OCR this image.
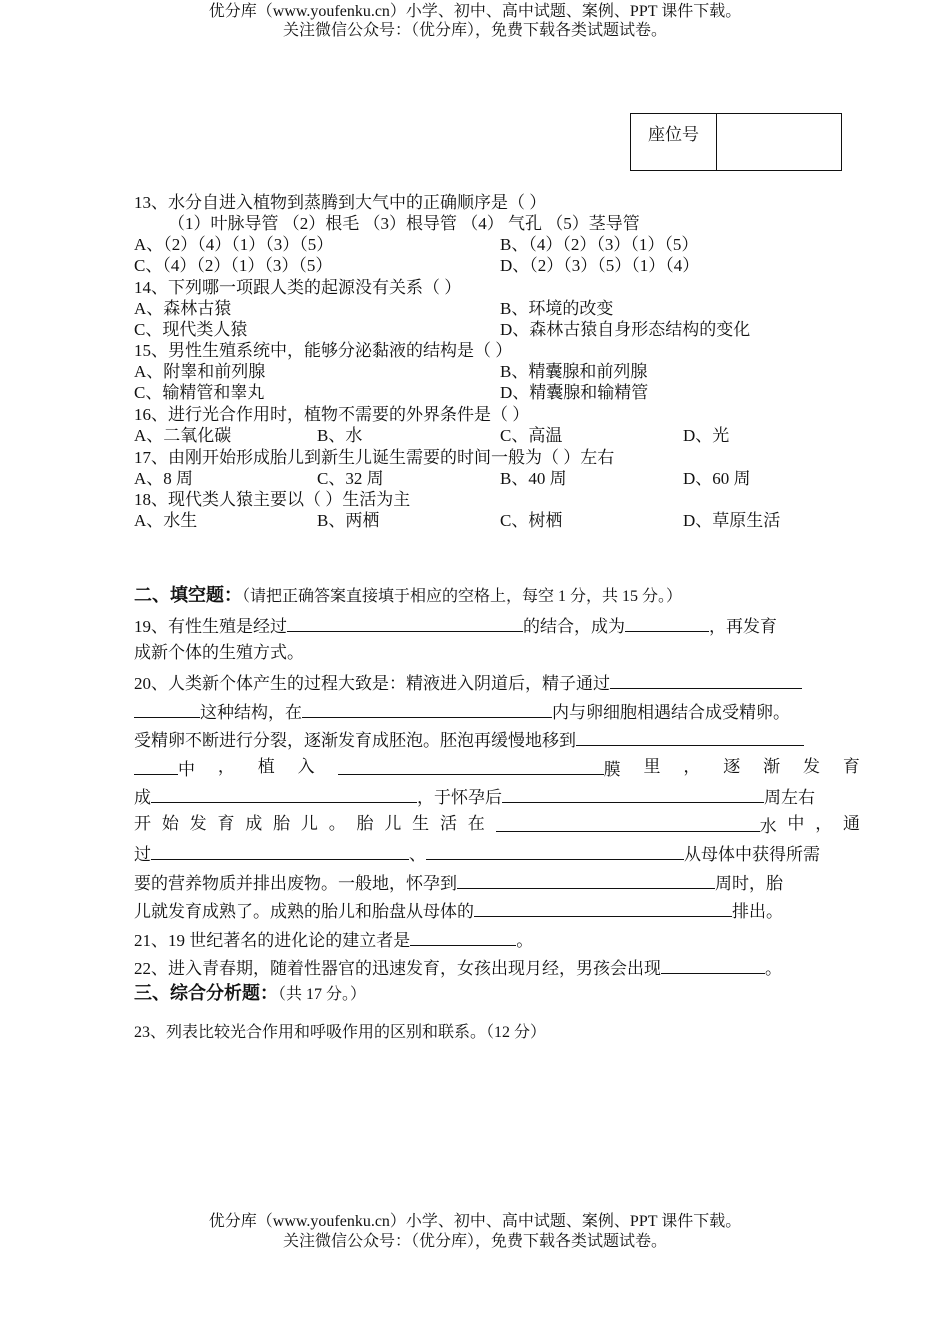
优分库（www.youfenku.cn）小学、初中、高中试题、案例、PPT 课件下载。
关注微信公众号：（优分库），免费下载各类试题试卷。
座位号
13、水分自进入植物到蒸腾到大气中的正确顺序是（ ）
（1）叶脉导管 （2）根毛 （3）根导管 （4） 气孔 （5）茎导管
A、（2）（4）（1）（3）（5）	B、（4）（2）（3）（1）（5）
C、（4）（2）（1）（3）（5）	D、（2）（3）（5）（1）（4）
14、下列哪一项跟人类的起源没有关系（ ）
A、森林古猿	B、环境的改变
C、现代类人猿	D、森林古猿自身形态结构的变化
15、男性生殖系统中，能够分泌黏液的结构是（ ）
A、附睾和前列腺	B、精囊腺和前列腺
C、输精管和睾丸	D、精囊腺和输精管
16、进行光合作用时，植物不需要的外界条件是（ ）
A、二氧化碳	B、水	C、高温	D、光
17、由刚开始形成胎儿到新生儿诞生需要的时间一般为（ ）左右
A、8 周	C、32 周	B、40 周	D、60 周
18、现代类人猿主要以（ ）生活为主
A、水生	B、两栖	C、树栖	D、草原生活
二、填空题：（请把正确答案直接填于相应的空格上，每空 1 分，共 15 分。）
19、有性生殖是经过	的结合，成为	，再发育
成新个体的生殖方式。
20、人类新个体产生的过程大致是：精液进入阴道后，精子通过
这种结构，在	内与卵细胞相遇结合成受精卵。
受精卵不断进行分裂，逐渐发育成胚泡。胚泡再缓慢地移到
中 ， 植 入	膜 里 ， 逐 渐 发 育
成	，于怀孕后	周左右
开 始 发 育 成 胎 儿 。 胎 儿 生 活 在	水 中 ， 通
过	、	从母体中获得所需
要的营养物质并排出废物。一般地，怀孕到	周时，胎
儿就发育成熟了。成熟的胎儿和胎盘从母体的	排出。
21、19 世纪著名的进化论的建立者是	。
22、进入青春期，随着性器官的迅速发育，女孩出现月经，男孩会出现	。
三、综合分析题：（共 17 分。）
23、列表比较光合作用和呼吸作用的区别和联系。（12 分）
优分库（www.youfenku.cn）小学、初中、高中试题、案例、PPT 课件下载。
关注微信公众号：（优分库），免费下载各类试题试卷。
